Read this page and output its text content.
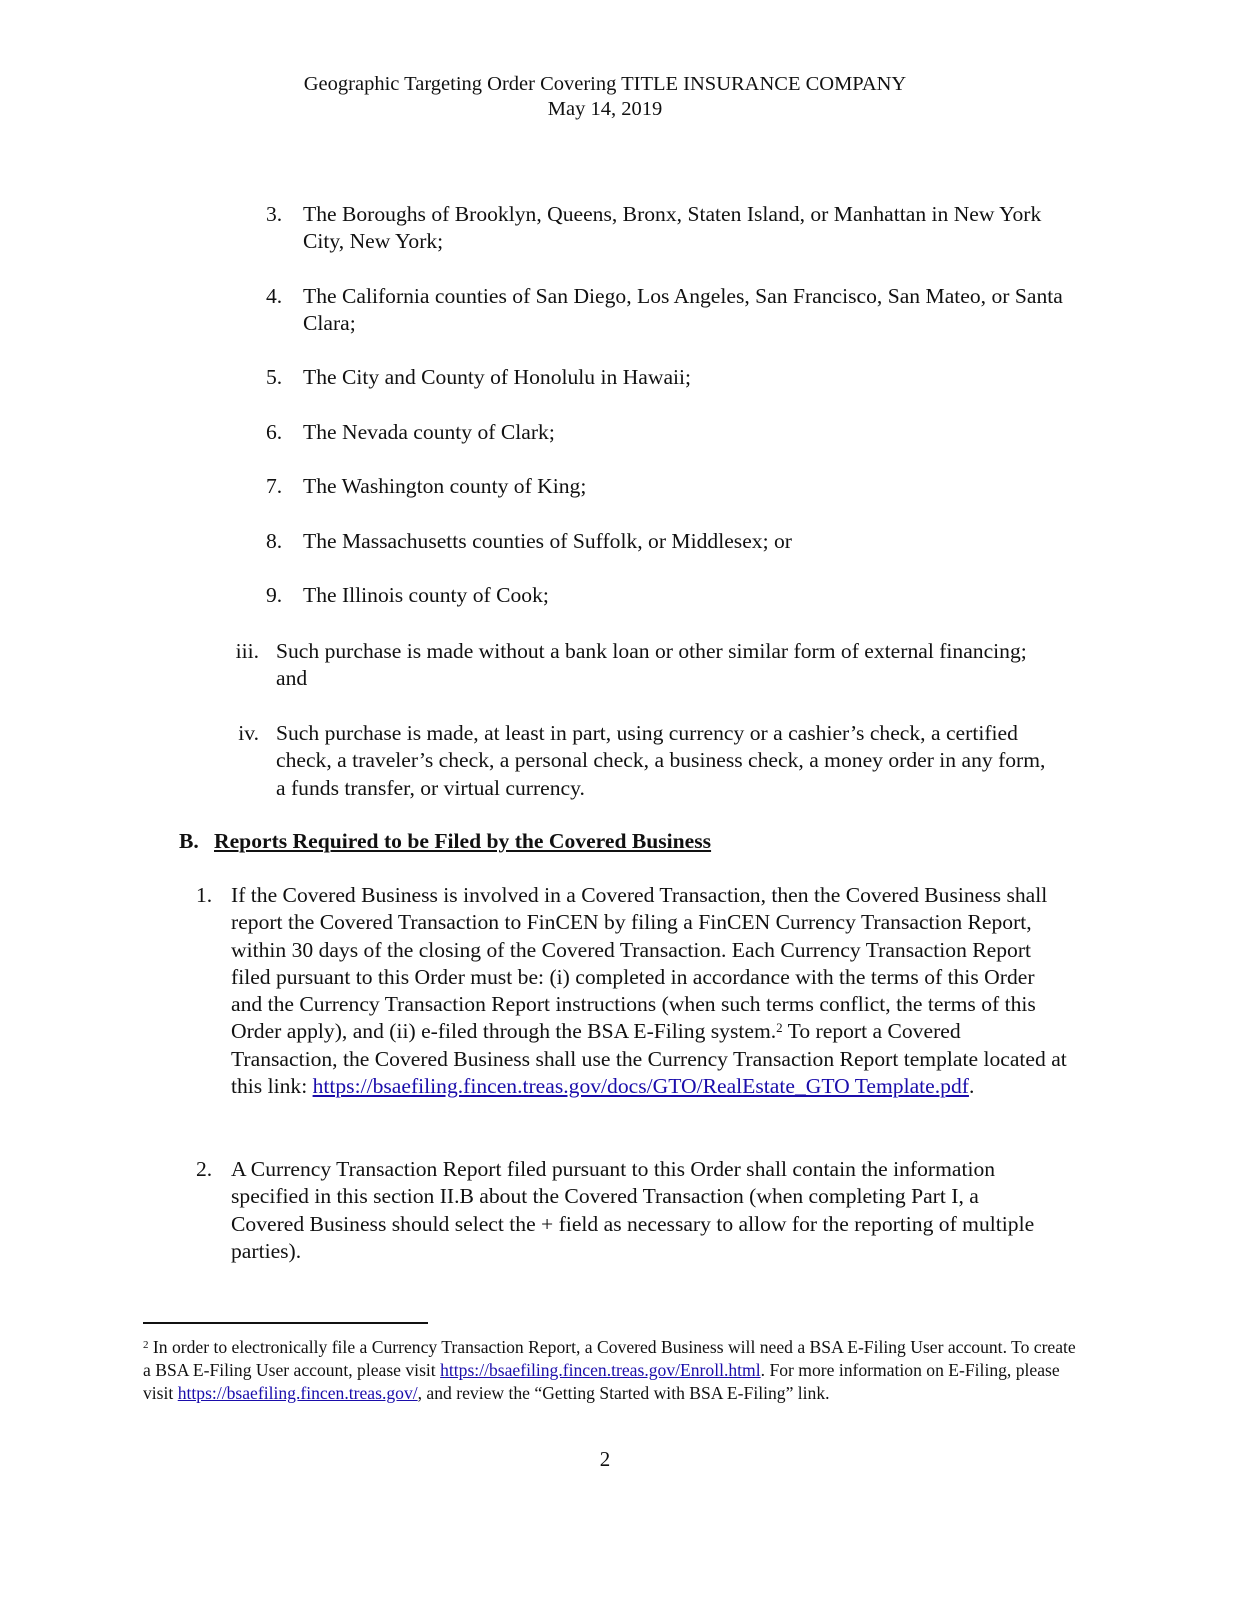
Geographic Targeting Order Covering TITLE INSURANCE COMPANY
May 14, 2019
3. The Boroughs of Brooklyn, Queens, Bronx, Staten Island, or Manhattan in New York City, New York;
4. The California counties of San Diego, Los Angeles, San Francisco, San Mateo, or Santa Clara;
5. The City and County of Honolulu in Hawaii;
6. The Nevada county of Clark;
7. The Washington county of King;
8. The Massachusetts counties of Suffolk, or Middlesex; or
9. The Illinois county of Cook;
iii. Such purchase is made without a bank loan or other similar form of external financing; and
iv. Such purchase is made, at least in part, using currency or a cashier’s check, a certified check, a traveler’s check, a personal check, a business check, a money order in any form, a funds transfer, or virtual currency.
B. Reports Required to be Filed by the Covered Business
1. If the Covered Business is involved in a Covered Transaction, then the Covered Business shall report the Covered Transaction to FinCEN by filing a FinCEN Currency Transaction Report, within 30 days of the closing of the Covered Transaction. Each Currency Transaction Report filed pursuant to this Order must be: (i) completed in accordance with the terms of this Order and the Currency Transaction Report instructions (when such terms conflict, the terms of this Order apply), and (ii) e-filed through the BSA E-Filing system.$^2$ To report a Covered Transaction, the Covered Business shall use the Currency Transaction Report template located at this link: https://bsaefiling.fincen.treas.gov/docs/GTO/RealEstate_GTO Template.pdf.
2. A Currency Transaction Report filed pursuant to this Order shall contain the information specified in this section II.B about the Covered Transaction (when completing Part I, a Covered Business should select the + field as necessary to allow for the reporting of multiple parties).
$^2$ In order to electronically file a Currency Transaction Report, a Covered Business will need a BSA E-Filing User account. To create a BSA E-Filing User account, please visit https://bsaefiling.fincen.treas.gov/Enroll.html. For more information on E-Filing, please visit https://bsaefiling.fincen.treas.gov/, and review the “Getting Started with BSA E-Filing” link.
2
